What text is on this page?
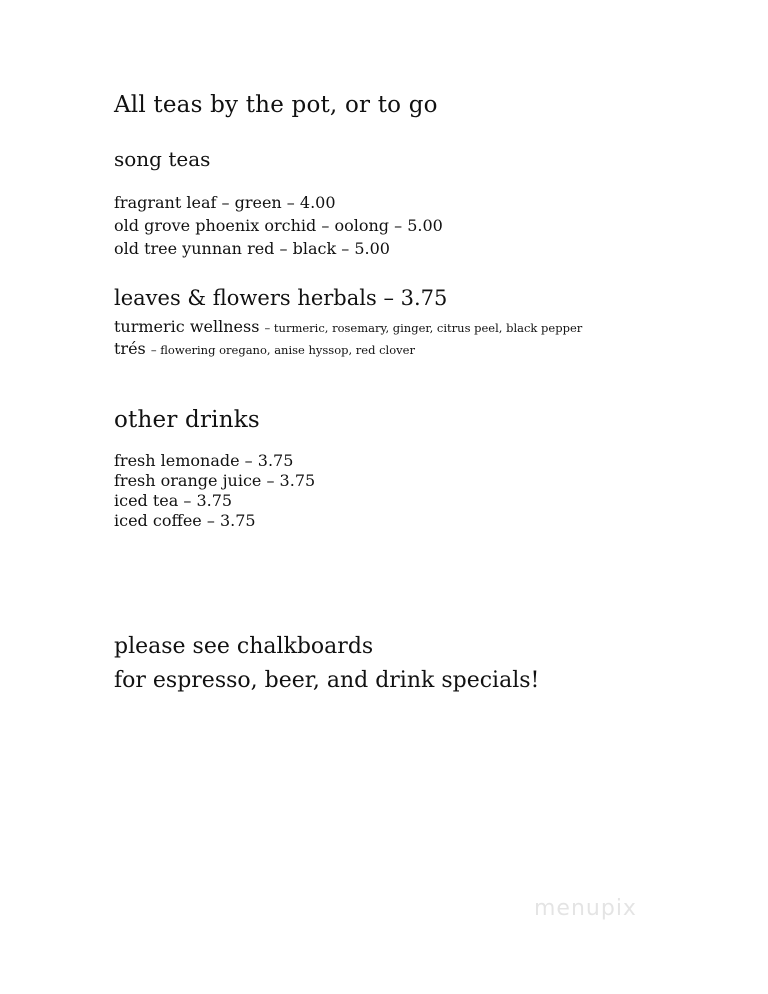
All teas by the pot, or to go
song teas
fragrant leaf – green – 4.00
old grove phoenix orchid – oolong – 5.00
old tree yunnan red – black – 5.00
leaves & flowers herbals – 3.75
turmeric wellness – turmeric, rosemary, ginger, citrus peel, black pepper
trés – flowering oregano, anise hyssop, red clover
other drinks
fresh lemonade – 3.75
fresh orange juice – 3.75
iced tea – 3.75
iced coffee – 3.75
please see chalkboards
for espresso, beer, and drink specials!
menupix
